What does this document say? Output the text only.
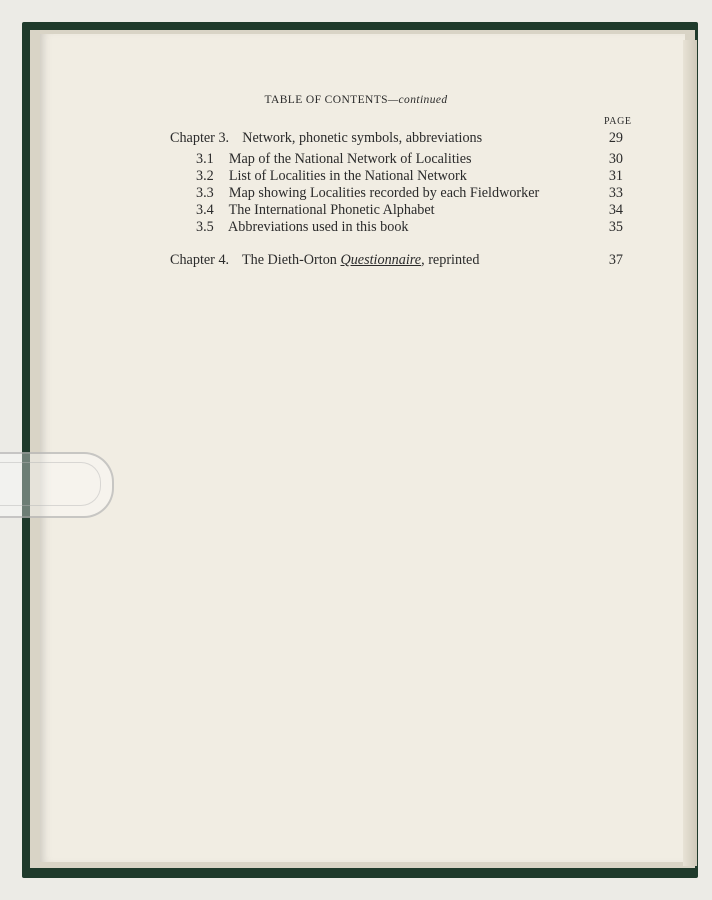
TABLE OF CONTENTS—continued
PAGE
Chapter 3. Network, phonetic symbols, abbreviations	29
3.1 Map of the National Network of Localities	30
3.2 List of Localities in the National Network	31
3.3 Map showing Localities recorded by each Fieldworker	33
3.4 The International Phonetic Alphabet	34
3.5 Abbreviations used in this book	35
Chapter 4. The Dieth-Orton Questionnaire, reprinted	37
